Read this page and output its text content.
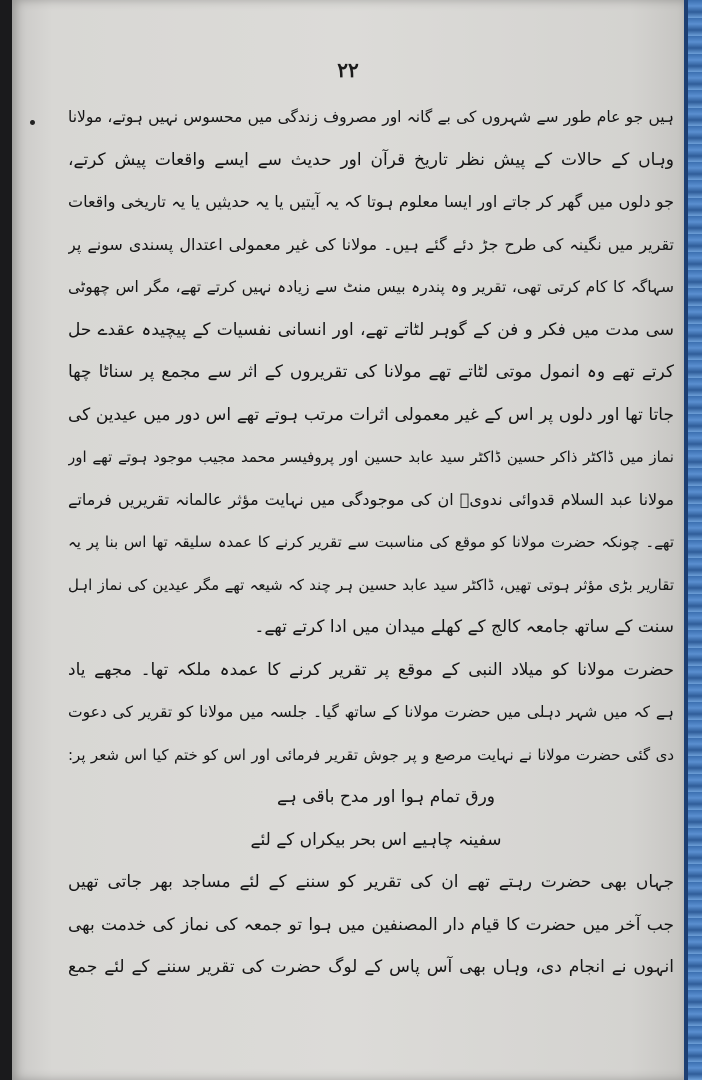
۲۲
ہیں جو عام طور سے شہروں کی بے گانہ اور مصروف زندگی میں محسوس نہیں ہوتے، مولانا
وہاں کے حالات کے پیش نظر تاریخ قرآن اور حدیث سے ایسے واقعات پیش کرتے،
جو دلوں میں گھر کر جاتے اور ایسا معلوم ہوتا کہ یہ آیتیں یا یہ حدیثیں یا یہ تاریخی واقعات
تقریر میں نگینہ کی طرح جڑ دئے گئے ہیں۔ مولانا کی غیر معمولی اعتدال پسندی سونے پر
سہاگہ کا کام کرتی تھی، تقریر وہ پندرہ بیس منٹ سے زیادہ نہیں کرتے تھے، مگر اس چھوٹی
سی مدت میں فکر و فن کے گوہر لٹاتے تھے، اور انسانی نفسیات کے پیچیدہ عقدے حل
کرتے تھے وہ انمول موتی لٹاتے تھے مولانا کی تقریروں کے اثر سے مجمع پر سناٹا چھا
جاتا تھا اور دلوں پر اس کے غیر معمولی اثرات مرتب ہوتے تھے اس دور میں عیدین کی
نماز میں ڈاکٹر ذاکر حسین ڈاکٹر سید عابد حسین اور پروفیسر محمد مجیب موجود ہوتے تھے اور
مولانا عبد السلام قدوائی ندویؒ ان کی موجودگی میں نہایت مؤثر عالمانہ تقریریں فرماتے
تھے۔ چونکہ حضرت مولانا کو موقع کی مناسبت سے تقریر کرنے کا عمدہ سلیقہ تھا اس بنا پر یہ
تقاریر بڑی مؤثر ہوتی تھیں، ڈاکٹر سید عابد حسین ہر چند کہ شیعہ تھے مگر عیدین کی نماز اہل
سنت کے ساتھ جامعہ کالج کے کھلے میدان میں ادا کرتے تھے۔
حضرت مولانا کو میلاد النبی کے موقع پر تقریر کرنے کا عمدہ ملکہ تھا۔ مجھے یاد
ہے کہ میں شہر دہلی میں حضرت مولانا کے ساتھ گیا۔ جلسہ میں مولانا کو تقریر کی دعوت
دی گئی حضرت مولانا نے نہایت مرصع و پر جوش تقریر فرمائی اور اس کو ختم کیا اس شعر پر:
ورق تمام ہوا اور مدح باقی ہے
سفینہ چاہیے اس بحر بیکراں کے لئے
جہاں بھی حضرت رہتے تھے ان کی تقریر کو سننے کے لئے مساجد بھر جاتی تھیں
جب آخر میں حضرت کا قیام دار المصنفین میں ہوا تو جمعہ کی نماز کی خدمت بھی
انہوں نے انجام دی، وہاں بھی آس پاس کے لوگ حضرت کی تقریر سننے کے لئے جمع
